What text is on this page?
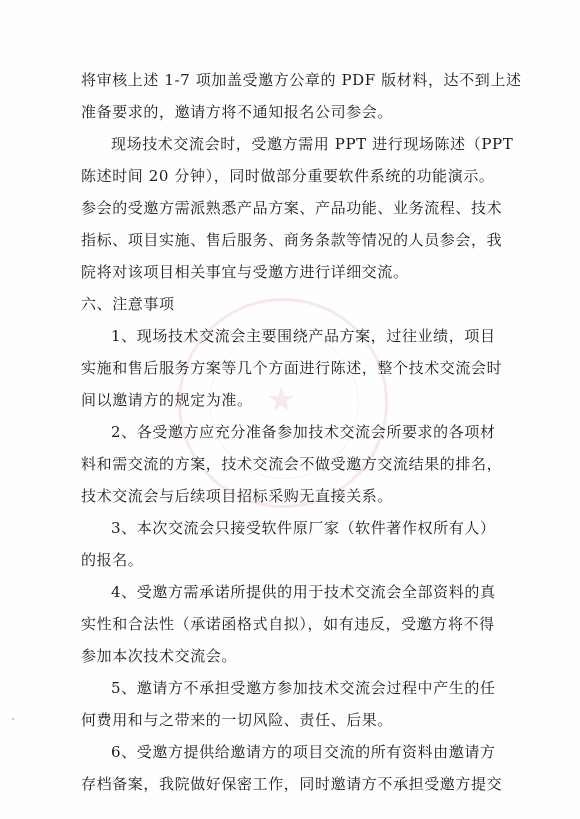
★
将审核上述 1-7 项加盖受邀方公章的 PDF 版材料，达不到上述
准备要求的，邀请方将不通知报名公司参会。
现场技术交流会时，受邀方需用 PPT 进行现场陈述（PPT
陈述时间 20 分钟），同时做部分重要软件系统的功能演示。
参会的受邀方需派熟悉产品方案、产品功能、业务流程、技术
指标、项目实施、售后服务、商务条款等情况的人员参会，我
院将对该项目相关事宜与受邀方进行详细交流。
六、注意事项
1、现场技术交流会主要围绕产品方案，过往业绩，项目
实施和售后服务方案等几个方面进行陈述，整个技术交流会时
间以邀请方的规定为准。
2、各受邀方应充分准备参加技术交流会所要求的各项材
料和需交流的方案，技术交流会不做受邀方交流结果的排名，
技术交流会与后续项目招标采购无直接关系。
3、本次交流会只接受软件原厂家（软件著作权所有人）
的报名。
4、受邀方需承诺所提供的用于技术交流会全部资料的真
实性和合法性（承诺函格式自拟），如有违反，受邀方将不得
参加本次技术交流会。
5、邀请方不承担受邀方参加技术交流会过程中产生的任
何费用和与之带来的一切风险、责任、后果。
6、受邀方提供给邀请方的项目交流的所有资料由邀请方
存档备案，我院做好保密工作，同时邀请方不承担受邀方提交
